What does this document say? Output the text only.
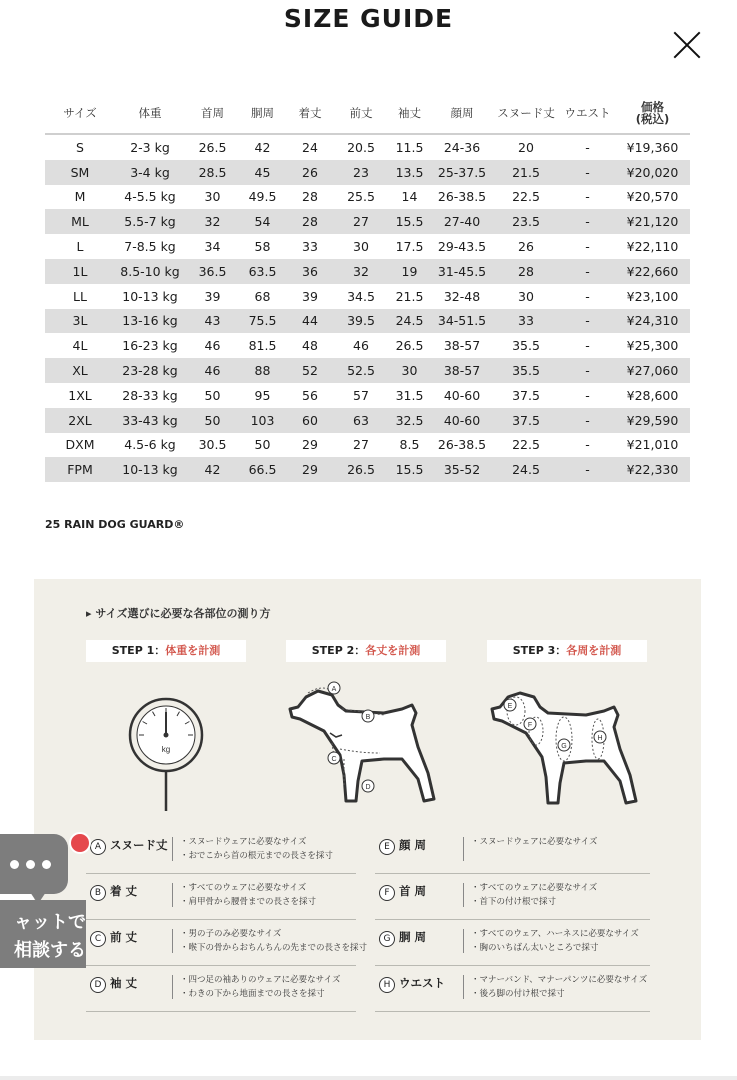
SIZE GUIDE
サイズ	体重	首周	胴周	着丈	前丈	袖丈	顔周	スヌード丈	ウエスト	価格
(税込)
S	2-3 kg	26.5	42	24	20.5	11.5	24-36	20	-	¥19,360
SM	3-4 kg	28.5	45	26	23	13.5	25-37.5	21.5	-	¥20,020
M	4-5.5 kg	30	49.5	28	25.5	14	26-38.5	22.5	-	¥20,570
ML	5.5-7 kg	32	54	28	27	15.5	27-40	23.5	-	¥21,120
L	7-8.5 kg	34	58	33	30	17.5	29-43.5	26	-	¥22,110
1L	8.5-10 kg	36.5	63.5	36	32	19	31-45.5	28	-	¥22,660
LL	10-13 kg	39	68	39	34.5	21.5	32-48	30	-	¥23,100
3L	13-16 kg	43	75.5	44	39.5	24.5	34-51.5	33	-	¥24,310
4L	16-23 kg	46	81.5	48	46	26.5	38-57	35.5	-	¥25,300
XL	23-28 kg	46	88	52	52.5	30	38-57	35.5	-	¥27,060
1XL	28-33 kg	50	95	56	57	31.5	40-60	37.5	-	¥28,600
2XL	33-43 kg	50	103	60	63	32.5	40-60	37.5	-	¥29,590
DXM	4.5-6 kg	30.5	50	29	27	8.5	26-38.5	22.5	-	¥21,010
FPM	10-13 kg	42	66.5	29	26.5	15.5	35-52	24.5	-	¥22,330
25 RAIN DOG GUARD®
▸ サイズ選びに必要な各部位の測り方
STEP 1：体重を計測	STEP 2：各丈を計測	STEP 3：各周を計測
kg
A
B
C
D
E
F
G
H
A スヌード丈 ・スヌードウェアに必要なサイズ
・おでこから首の根元までの長さを採寸
E 顔 周	・スヌードウェアに必要なサイズ
B 着 丈	・すべてのウェアに必要なサイズ
・肩甲骨から腰骨までの長さを採寸
F 首 周	・すべてのウェアに必要なサイズ
・首下の付け根で採寸
C 前 丈	・男の子のみ必要なサイズ
・喉下の骨からおちんちんの先までの長さを採寸
G 胴 周	・すべてのウェア、ハーネスに必要なサイズ
・胸のいちばん太いところで採寸
D 袖 丈	・四つ足の袖ありのウェアに必要なサイズ
・わきの下から地面までの長さを採寸
H ウエスト	・マナーバンド、マナーパンツに必要なサイズ
・後ろ脚の付け根で採寸
ャットで
相談する
